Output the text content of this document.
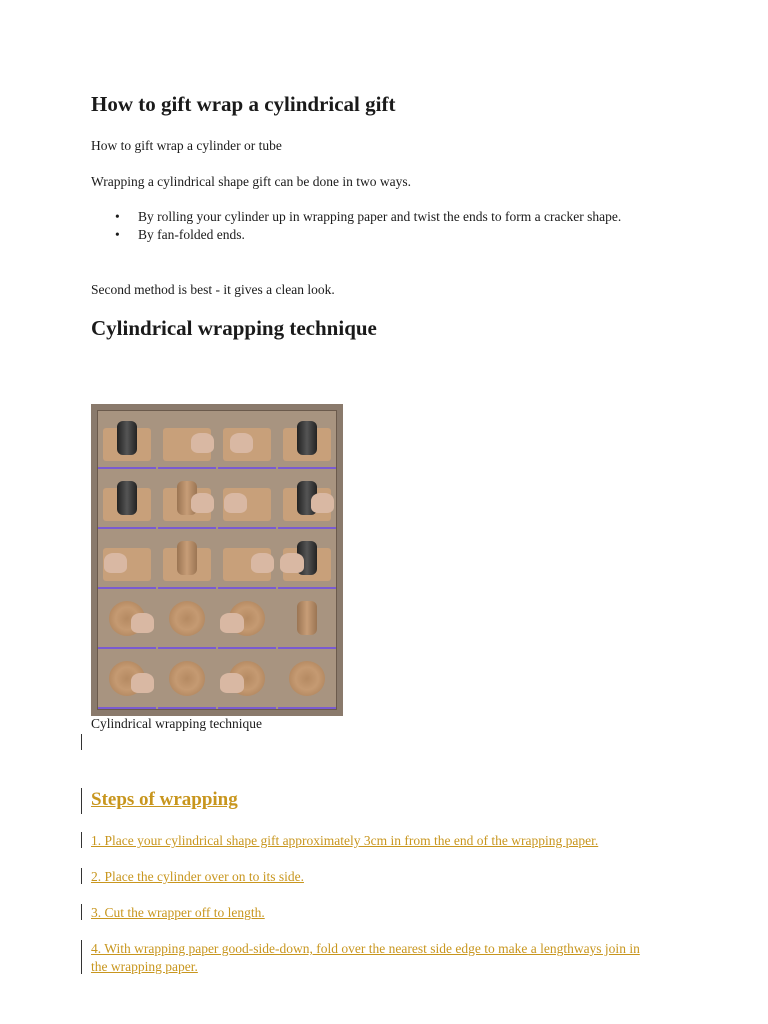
How to gift wrap a cylindrical gift

How to gift wrap a cylinder or tube

Wrapping a cylindrical shape gift can be done in two ways.

• By rolling your cylinder up in wrapping paper and twist the ends to form a cracker shape.
• By fan-folded ends.

Second method is best - it gives a clean look.

Cylindrical wrapping technique
Cylindrical wrapping technique
Steps of wrapping
1. Place your cylindrical shape gift approximately 3cm in from the end of the wrapping paper.
2. Place the cylinder over on to its side.
3. Cut the wrapper off to length.
4. With wrapping paper good-side-down, fold over the nearest side edge to make a lengthways join in the wrapping paper.
